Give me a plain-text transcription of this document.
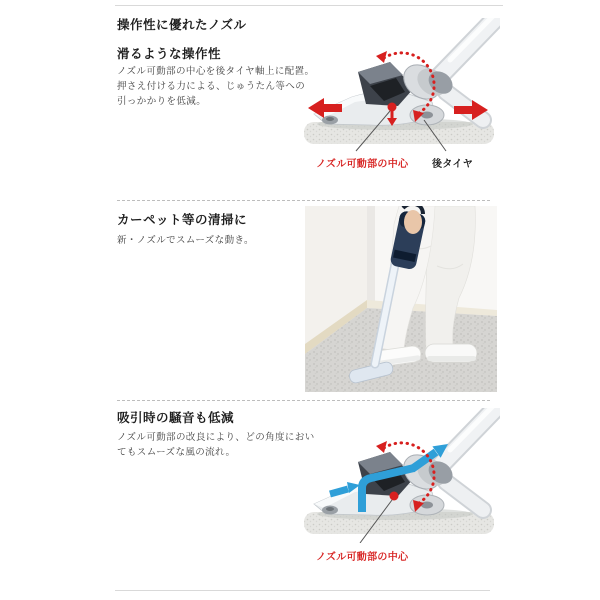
操作性に優れたノズル
滑るような操作性
ノズル可動部の中心を後タイヤ軸上に配置。
押さえ付ける力による、じゅうたん等への
引っかかりを低減。
ノズル可動部の中心 後タイヤ
カーペット等の清掃に
新・ノズルでスムーズな動き。
吸引時の騒音も低減
ノズル可動部の改良により、どの角度におい
てもスムーズな風の流れ。
ノズル可動部の中心
